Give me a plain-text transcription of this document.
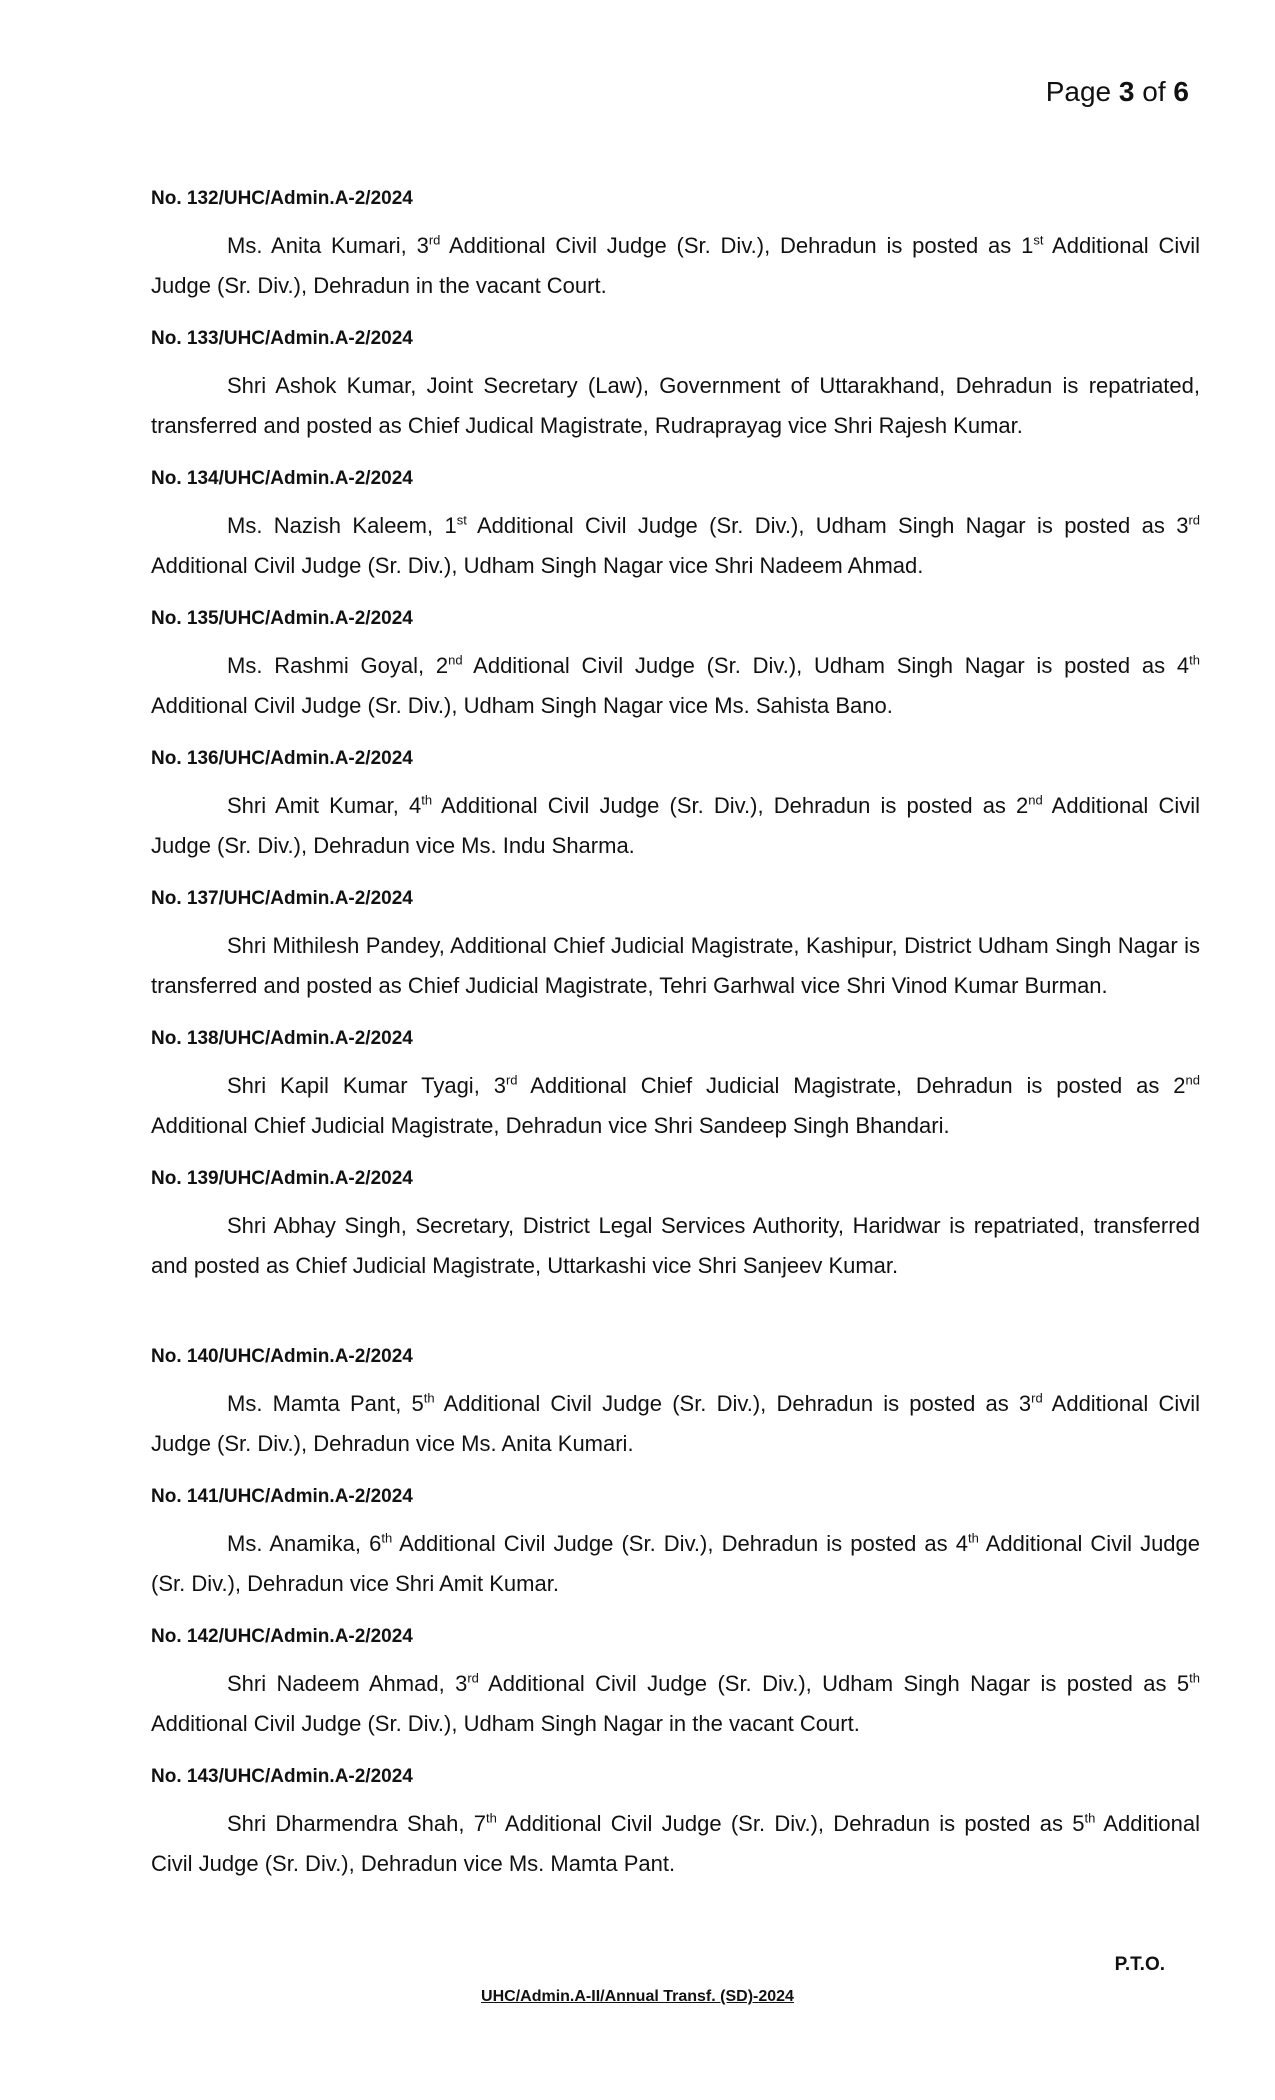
Page 3 of 6

No. 132/UHC/Admin.A-2/2024

Ms. Anita Kumari, 3rd Additional Civil Judge (Sr. Div.), Dehradun is posted as 1st Additional Civil Judge (Sr. Div.), Dehradun in the vacant Court.

No. 133/UHC/Admin.A-2/2024

Shri Ashok Kumar, Joint Secretary (Law), Government of Uttarakhand, Dehradun is repatriated, transferred and posted as Chief Judical Magistrate, Rudraprayag vice Shri Rajesh Kumar.

No. 134/UHC/Admin.A-2/2024

Ms. Nazish Kaleem, 1st Additional Civil Judge (Sr. Div.), Udham Singh Nagar is posted as 3rd Additional Civil Judge (Sr. Div.), Udham Singh Nagar vice Shri Nadeem Ahmad.

No. 135/UHC/Admin.A-2/2024

Ms. Rashmi Goyal, 2nd Additional Civil Judge (Sr. Div.), Udham Singh Nagar is posted as 4th Additional Civil Judge (Sr. Div.), Udham Singh Nagar vice Ms. Sahista Bano.

No. 136/UHC/Admin.A-2/2024

Shri Amit Kumar, 4th Additional Civil Judge (Sr. Div.), Dehradun is posted as 2nd Additional Civil Judge (Sr. Div.), Dehradun vice Ms. Indu Sharma.

No. 137/UHC/Admin.A-2/2024

Shri Mithilesh Pandey, Additional Chief Judicial Magistrate, Kashipur, District Udham Singh Nagar is transferred and posted as Chief Judicial Magistrate, Tehri Garhwal vice Shri Vinod Kumar Burman.

No. 138/UHC/Admin.A-2/2024

Shri Kapil Kumar Tyagi, 3rd Additional Chief Judicial Magistrate, Dehradun is posted as 2nd Additional Chief Judicial Magistrate, Dehradun vice Shri Sandeep Singh Bhandari.

No. 139/UHC/Admin.A-2/2024

Shri Abhay Singh, Secretary, District Legal Services Authority, Haridwar is repatriated, transferred and posted as Chief Judicial Magistrate, Uttarkashi vice Shri Sanjeev Kumar.

No. 140/UHC/Admin.A-2/2024

Ms. Mamta Pant, 5th Additional Civil Judge (Sr. Div.), Dehradun is posted as 3rd Additional Civil Judge (Sr. Div.), Dehradun vice Ms. Anita Kumari.

No. 141/UHC/Admin.A-2/2024

Ms. Anamika, 6th Additional Civil Judge (Sr. Div.), Dehradun is posted as 4th Additional Civil Judge (Sr. Div.), Dehradun vice Shri Amit Kumar.

No. 142/UHC/Admin.A-2/2024

Shri Nadeem Ahmad, 3rd Additional Civil Judge (Sr. Div.), Udham Singh Nagar is posted as 5th Additional Civil Judge (Sr. Div.), Udham Singh Nagar in the vacant Court.

No. 143/UHC/Admin.A-2/2024

Shri Dharmendra Shah, 7th Additional Civil Judge (Sr. Div.), Dehradun is posted as 5th Additional Civil Judge (Sr. Div.), Dehradun vice Ms. Mamta Pant.

P.T.O.
UHC/Admin.A-II/Annual Transf. (SD)-2024
